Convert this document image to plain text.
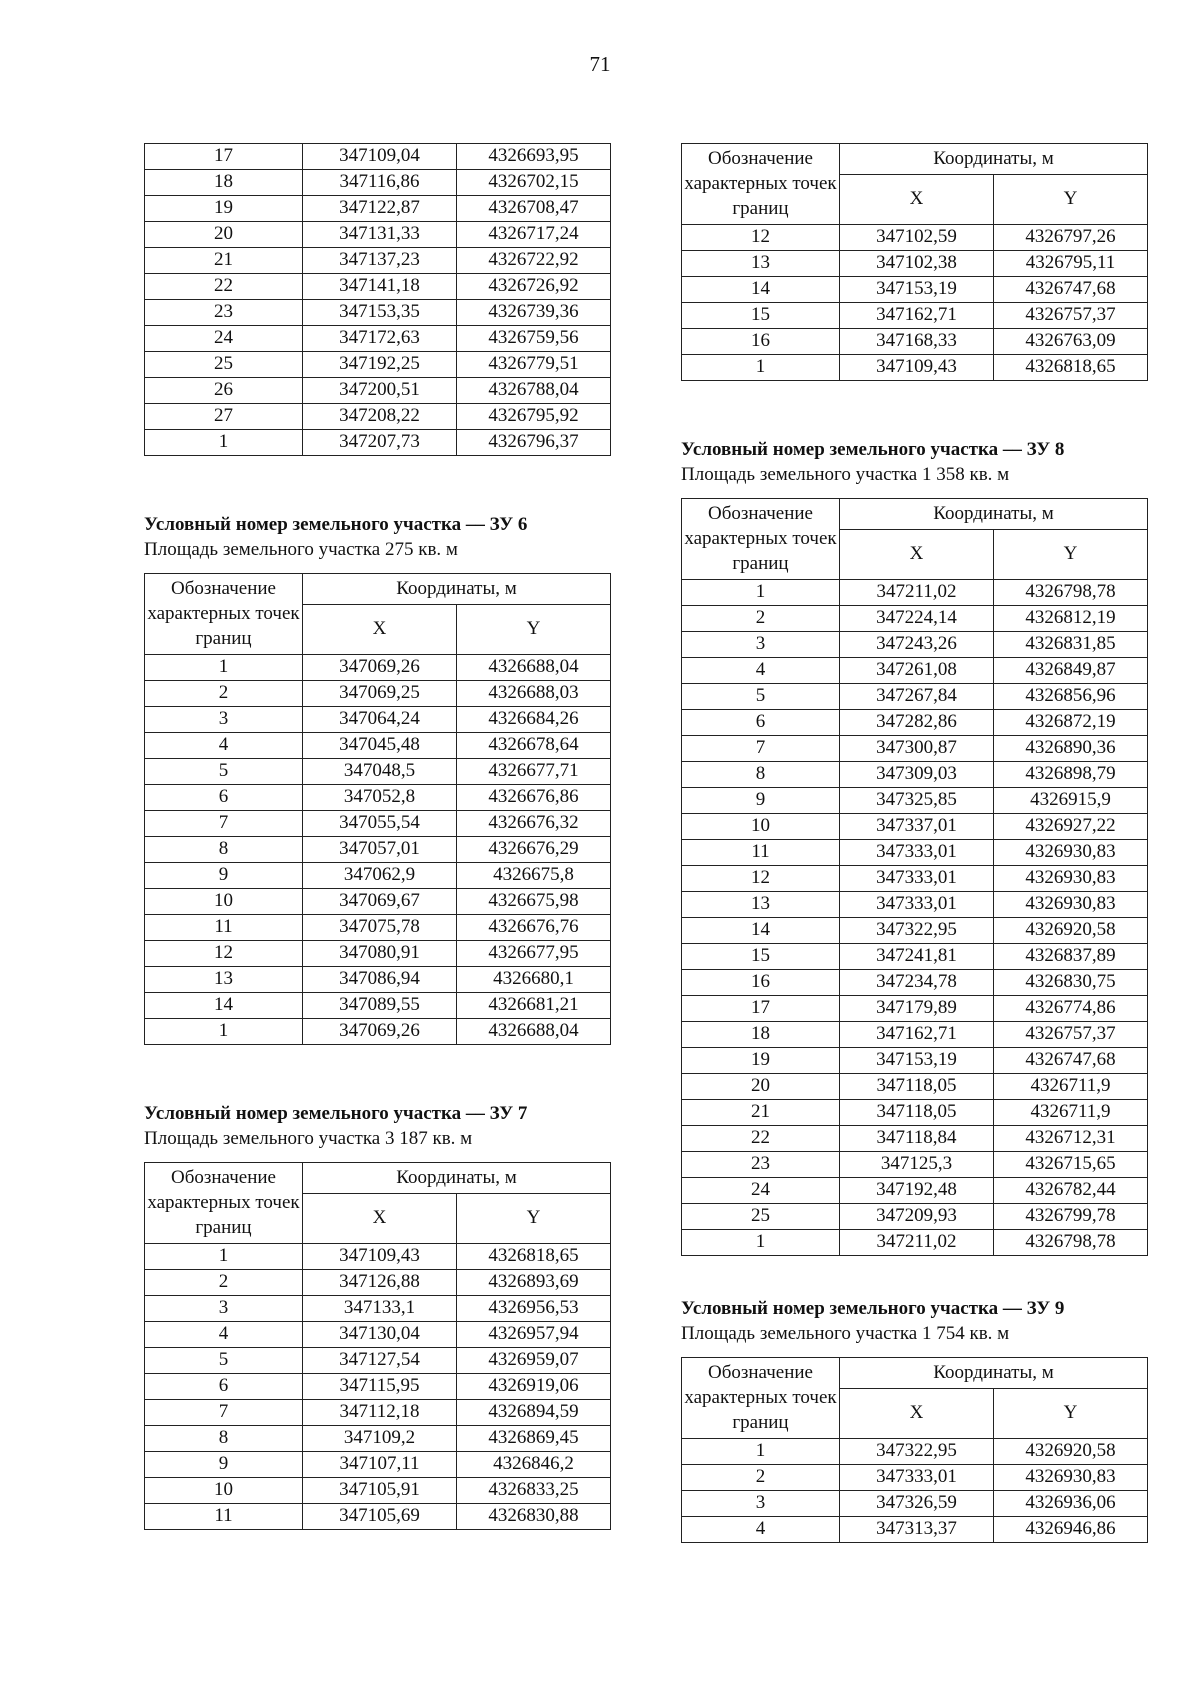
71
17	347109,04	4326693,95
18	347116,86	4326702,15
19	347122,87	4326708,47
20	347131,33	4326717,24
21	347137,23	4326722,92
22	347141,18	4326726,92
23	347153,35	4326739,36
24	347172,63	4326759,56
25	347192,25	4326779,51
26	347200,51	4326788,04
27	347208,22	4326795,92
1	347207,73	4326796,37

Условный номер земельного участка –– ЗУ 6

Площадь земельного участка 275 кв. м

Обозначение характерных точек границ	Координаты, м	
	X	Y
1	347069,26	4326688,04
2	347069,25	4326688,03
3	347064,24	4326684,26
4	347045,48	4326678,64
5	347048,5	4326677,71
6	347052,8	4326676,86
7	347055,54	4326676,32
8	347057,01	4326676,29
9	347062,9	4326675,8
10	347069,67	4326675,98
11	347075,78	4326676,76
12	347080,91	4326677,95
13	347086,94	4326680,1
14	347089,55	4326681,21
1	347069,26	4326688,04

Условный номер земельного участка –– ЗУ 7

Площадь земельного участка 3 187 кв. м

Обозначение характерных точек границ	Координаты, м	
	X	Y
1	347109,43	4326818,65
2	347126,88	4326893,69
3	347133,1	4326956,53
4	347130,04	4326957,94
5	347127,54	4326959,07
6	347115,95	4326919,06
7	347112,18	4326894,59
8	347109,2	4326869,45
9	347107,11	4326846,2
10	347105,91	4326833,25
11	347105,69	4326830,88
Обозначение характерных точек границ	Координаты, м	
	X	Y
12	347102,59	4326797,26
13	347102,38	4326795,11
14	347153,19	4326747,68
15	347162,71	4326757,37
16	347168,33	4326763,09
1	347109,43	4326818,65

Условный номер земельного участка –– ЗУ 8

Площадь земельного участка 1 358 кв. м

Обозначение характерных точек границ	Координаты, м	
	X	Y
1	347211,02	4326798,78
2	347224,14	4326812,19
3	347243,26	4326831,85
4	347261,08	4326849,87
5	347267,84	4326856,96
6	347282,86	4326872,19
7	347300,87	4326890,36
8	347309,03	4326898,79
9	347325,85	4326915,9
10	347337,01	4326927,22
11	347333,01	4326930,83
12	347333,01	4326930,83
13	347333,01	4326930,83
14	347322,95	4326920,58
15	347241,81	4326837,89
16	347234,78	4326830,75
17	347179,89	4326774,86
18	347162,71	4326757,37
19	347153,19	4326747,68
20	347118,05	4326711,9
21	347118,05	4326711,9
22	347118,84	4326712,31
23	347125,3	4326715,65
24	347192,48	4326782,44
25	347209,93	4326799,78
1	347211,02	4326798,78

Условный номер земельного участка — ЗУ 9

Площадь земельного участка 1 754 кв. м

Обозначение характерных точек границ	Координаты, м	
	X	Y
1	347322,95	4326920,58
2	347333,01	4326930,83
3	347326,59	4326936,06
4	347313,37	4326946,86
